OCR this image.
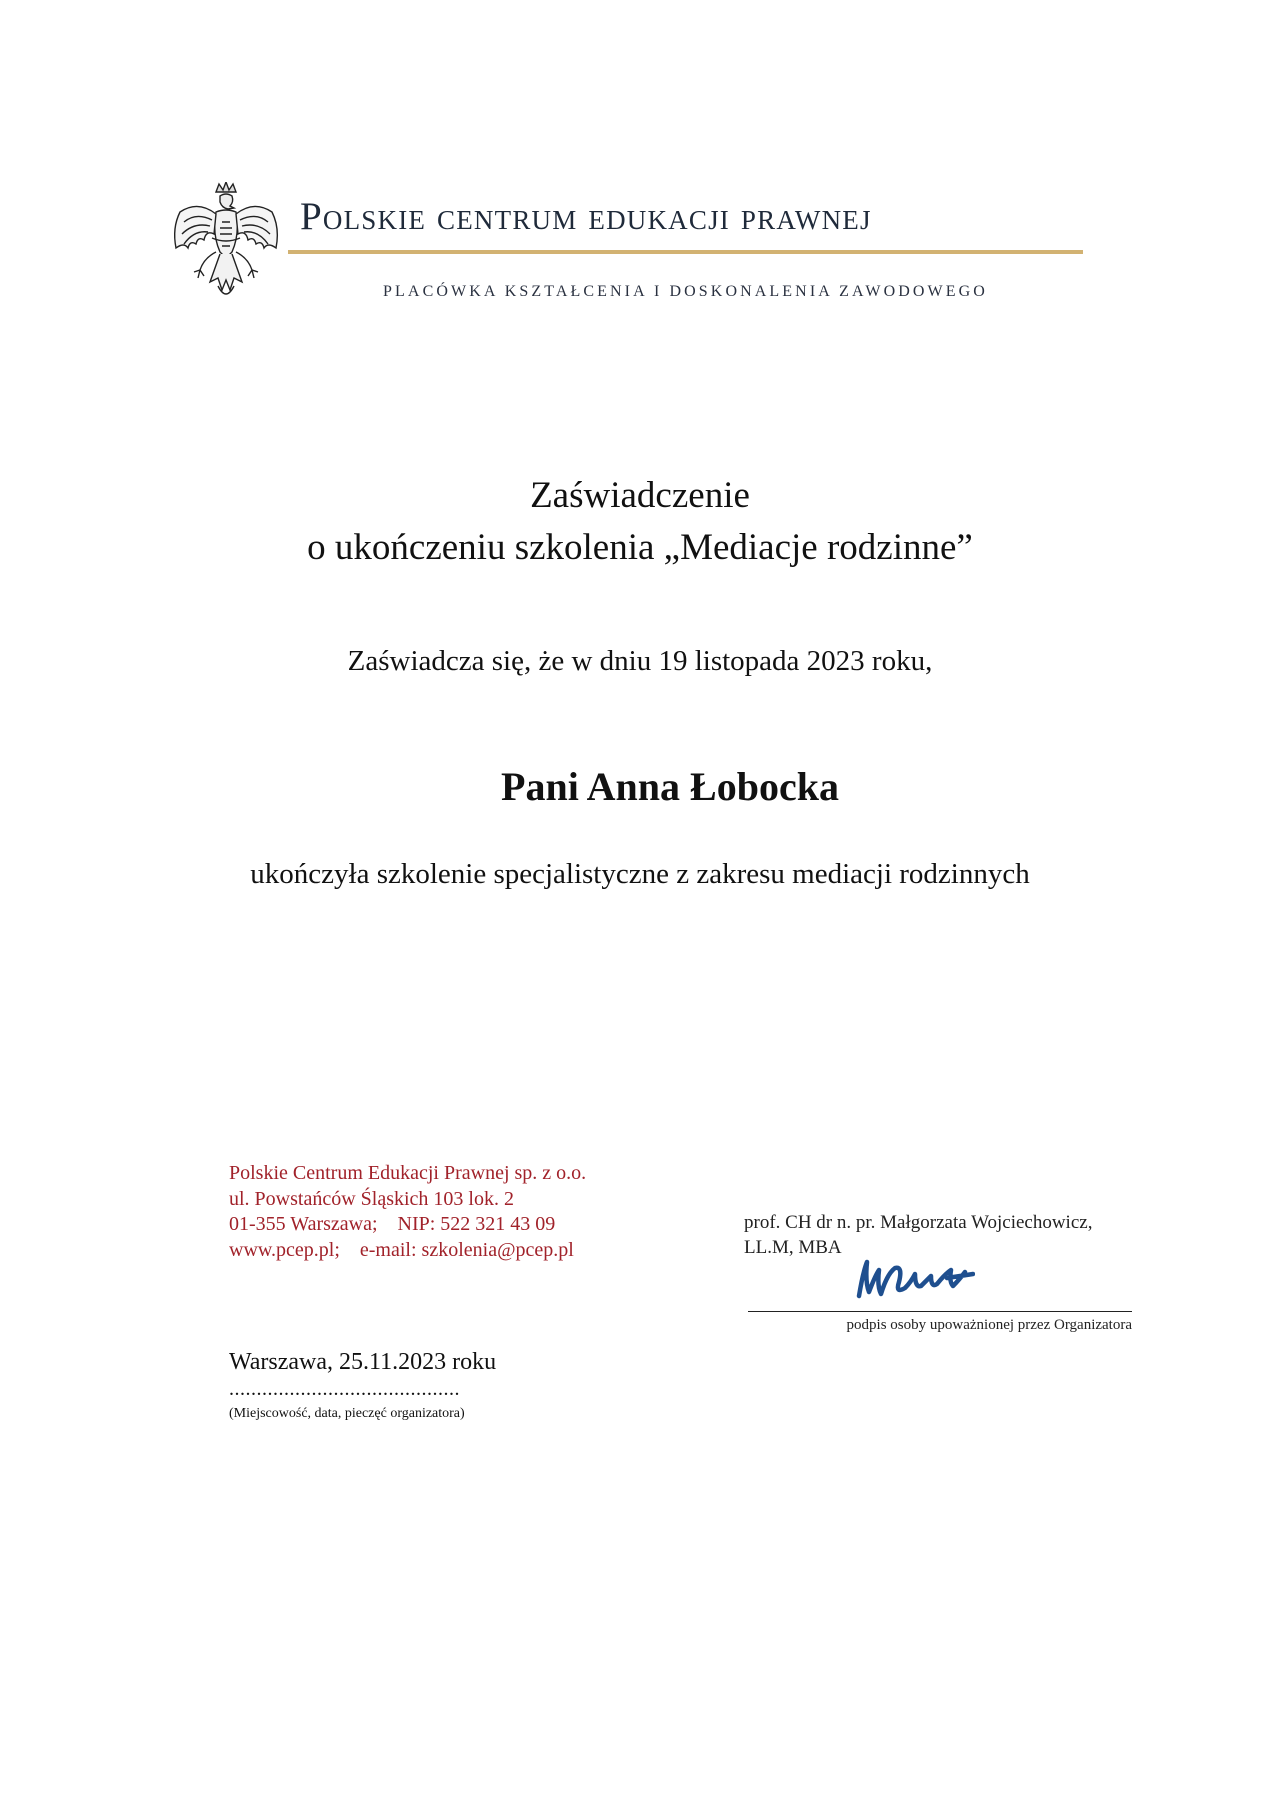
Polskie centrum edukacji prawnej
PLACÓWKA KSZTAŁCENIA I DOSKONALENIA ZAWODOWEGO
Zaświadczenie
o ukończeniu szkolenia „Mediacje rodzinne”
Zaświadcza się, że w dniu 19 listopada 2023 roku,
Pani Anna Łobocka
ukończyła szkolenie specjalistyczne z zakresu mediacji rodzinnych
Polskie Centrum Edukacji Prawnej sp. z o.o.
ul. Powstańców Śląskich 103 lok. 2
01-355 Warszawa;    NIP: 522 321 43 09
www.pcep.pl;    e-mail: szkolenia@pcep.pl
prof. CH dr n. pr. Małgorzata Wojciechowicz,
LL.M, MBA
podpis osoby upoważnionej przez Organizatora
Warszawa, 25.11.2023 roku
..........................................
(Miejscowość, data, pieczęć organizatora)
